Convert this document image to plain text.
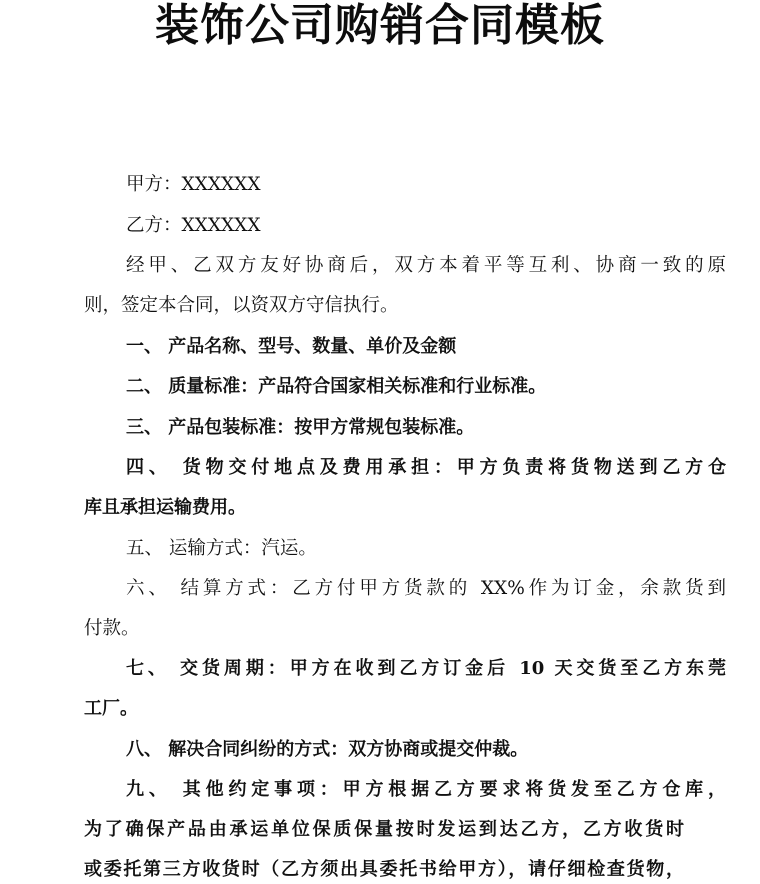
装饰公司购销合同模板

甲方：XXXXXX

乙方：XXXXXX

经甲、乙双方友好协商后，双方本着平等互利、协商一致的原

则，签定本合同，以资双方守信执行。

一、 产品名称、型号、数量、单价及金额

二、 质量标准：产品符合国家相关标准和行业标准。

三、 产品包装标准：按甲方常规包装标准。

四、 货物交付地点及费用承担：甲方负责将货物送到乙方仓

库且承担运输费用。

五、 运输方式：汽运。

六、 结算方式：乙方付甲方货款的 XX%作为订金，余款货到

付款。

七、 交货周期：甲方在收到乙方订金后 10 天交货至乙方东莞

工厂。

八、 解决合同纠纷的方式：双方协商或提交仲裁。

九、 其他约定事项：甲方根据乙方要求将货发至乙方仓库，

为了确保产品由承运单位保质保量按时发运到达乙方，乙方收货时

或委托第三方收货时（乙方须出具委托书给甲方），请仔细检查货物，
